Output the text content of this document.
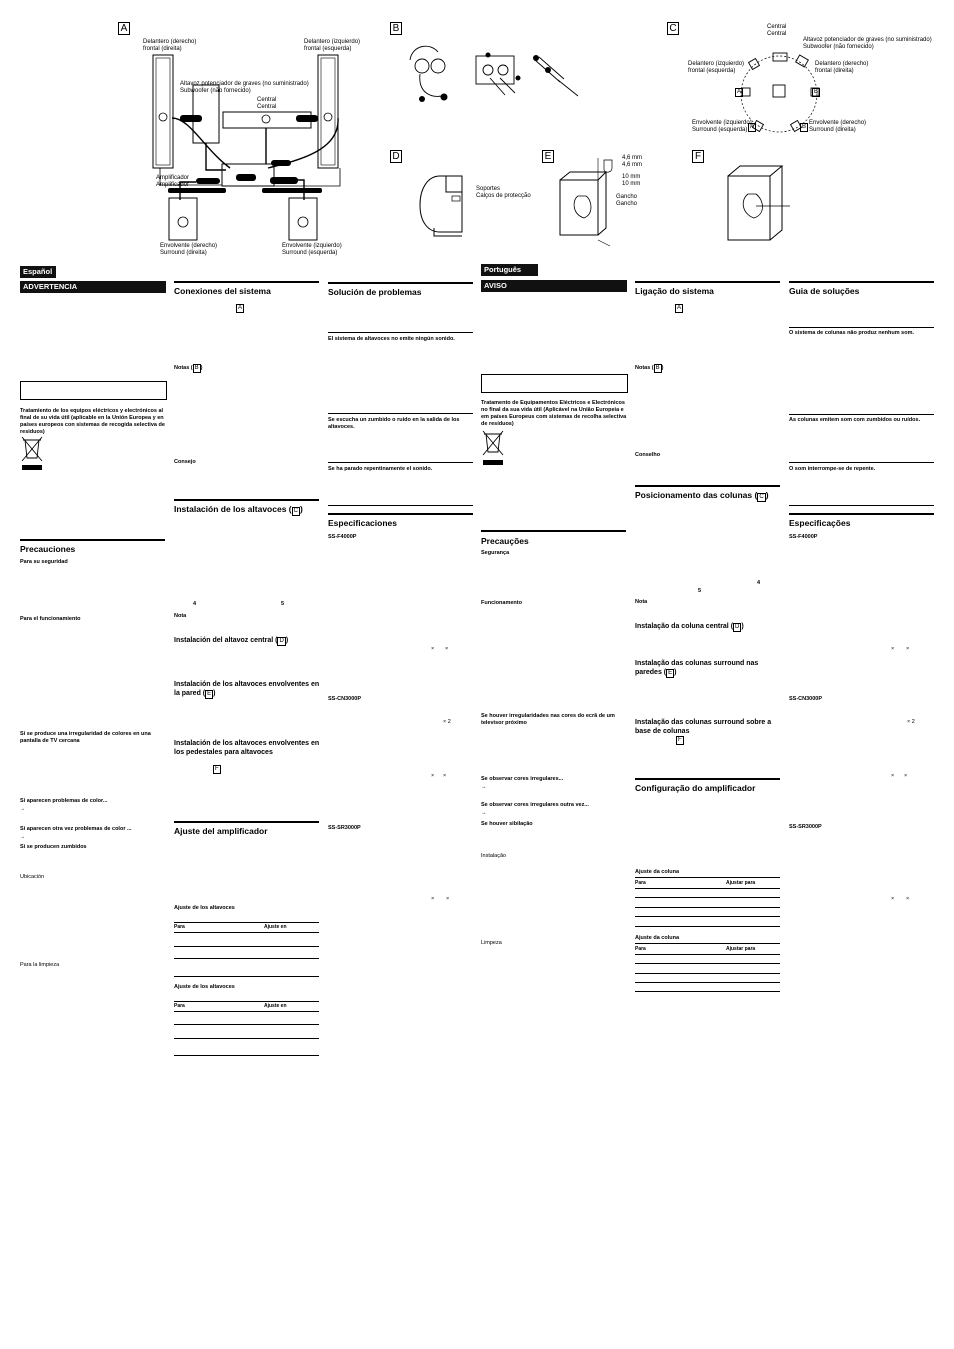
A
Delantero (derecho)
frontal (direita)
Delantero (izquierdo)
frontal (esquerda)
Altavoz potenciador de graves (no suministrado)
Subwoofer (não fornecido)
Central
Central
Amplificador
Amplificador
Envolvente (derecho)
Surround (direita)
Envolvente (izquierdo)
Surround (esquerda)
B	C	Central
Central
Altavoz potenciador de graves (no suministrado)
Subwoofer (não fornecido)
Delantero (izquierdo)
frontal (esquerda)
Delantero (derecho)
frontal (direita)
Envolvente (izquierdo)
Surround (esquerda)
Envolvente (derecho)
Surround (direita)
A	B
A	B
D
Soportes
Calços de protecção
E	4,6 mm
4,6 mm
10 mm
10 mm
Gancho
Gancho
F
Español
ADVERTENCIA
Tratamiento de los equipos eléctricos y electrónicos al final de su vida útil (aplicable en la Unión Europea y en países europeos con sistemas de recogida selectiva de residuos)
Precauciones
Para su seguridad
Para el funcionamiento
Si se produce una irregularidad de colores en una pantalla de TV cercana
Si aparecen problemas de color...
→
Si aparecen otra vez problemas de color ...
→
Si se producen zumbidos
Ubicación
Para la limpieza
Conexiones del sistema
A
Notas ( B )
Consejo
Instalación de los altavoces ( C )
4	5
Nota
Instalación del altavoz central ( D )
Instalación de los altavoces envolventes en la pared ( E )
Instalación de los altavoces envolventes en los pedestales para altavoces
F
Ajuste del amplificador
Ajuste de los altavoces
Para	Ajuste en
Ajuste de los altavoces
Para	Ajuste en
Solución de problemas
El sistema de altavoces no emite ningún sonido.
Se escucha un zumbido o ruido en la salida de los altavoces.
Se ha parado repentinamente el sonido.
Especificaciones
SS-F4000P
× ×
SS-CN3000P
× 2
× ×
SS-SR3000P
× ×
Português
AVISO
Tratamento de Equipamentos Eléctricos e Electrónicos no final da sua vida útil (Aplicável na União Europeia e em países Europeus com sistemas de recolha selectiva de resíduos)
Precauções
Segurança
Funcionamento
Se houver irregularidades nas cores do ecrã de um televisor próximo
Se observar cores irregulares...
→
Se observar cores irregulares outra vez...
→
Se houver sibilação
Instalação
Limpeza
Ligação do sistema
A
Notas ( B )
Conselho
Posicionamento das colunas ( C )
4
5
Nota
Instalação da coluna central ( D )
Instalação das colunas surround nas paredes ( E )
Instalação das colunas surround sobre a base de colunas
F
Configuração do amplificador
Ajuste da coluna
Para	Ajustar para
Ajuste da coluna
Para	Ajustar para
Guia de soluções
O sistema de colunas não produz nenhum som.
As colunas emitem som com zumbidos ou ruídos.
O som interrompe-se de repente.
Especificações
SS-F4000P
× ×
SS-CN3000P
× 2
× ×
SS-SR3000P
× ×
